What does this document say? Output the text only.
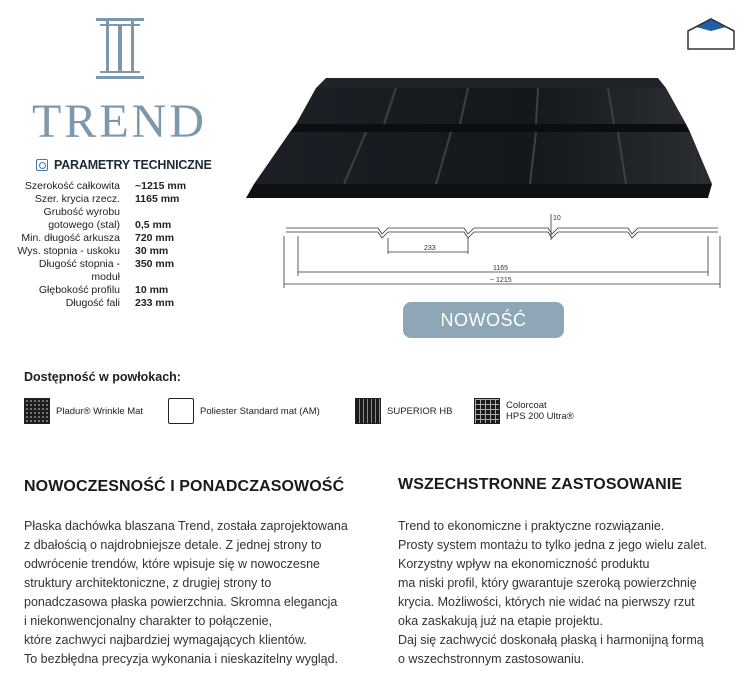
TREND
PARAMETRY TECHNICZNE
Szerokość całkowita	~1215 mm
Szer. krycia rzecz.	1165 mm
Grubość wyrobu
gotowego (stal)	0,5 mm
Min. długość arkusza	720 mm
Wys. stopnia - uskoku	30 mm
Długość stopnia - moduł
350 mm
Głębokość profilu	10 mm
Długość fali	233 mm
233
10
1165
~ 1215
NOWOŚĆ
Dostępność w powłokach:
Pladur® Wrinkle Mat	Poliester Standard mat (AM)	SUPERIOR HB	Colorcoat
HPS 200 Ultra®
NOWOCZESNOŚĆ I PONADCZASOWOŚĆ
Płaska dachówka blaszana Trend, została zaprojektowana
z dbałością o najdrobniejsze detale. Z jednej strony to
odwrócenie trendów, które wpisuje się w nowoczesne
struktury architektoniczne, z drugiej strony to
ponadczasowa płaska powierzchnia. Skromna elegancja
i niekonwencjonalny charakter to połączenie,
które zachwyci najbardziej wymagających klientów.
To bezbłędna precyzja wykonania i nieskazitelny wygląd.
WSZECHSTRONNE ZASTOSOWANIE
Trend to ekonomiczne i praktyczne rozwiązanie.
Prosty system montażu to tylko jedna z jego wielu zalet.
Korzystny wpływ na ekonomiczność produktu
ma niski profil, który gwarantuje szeroką powierzchnię
krycia. Możliwości, których nie widać na pierwszy rzut
oka zaskakują już na etapie projektu.
Daj się zachwycić doskonałą płaską i harmonijną formą
o wszechstronnym zastosowaniu.
